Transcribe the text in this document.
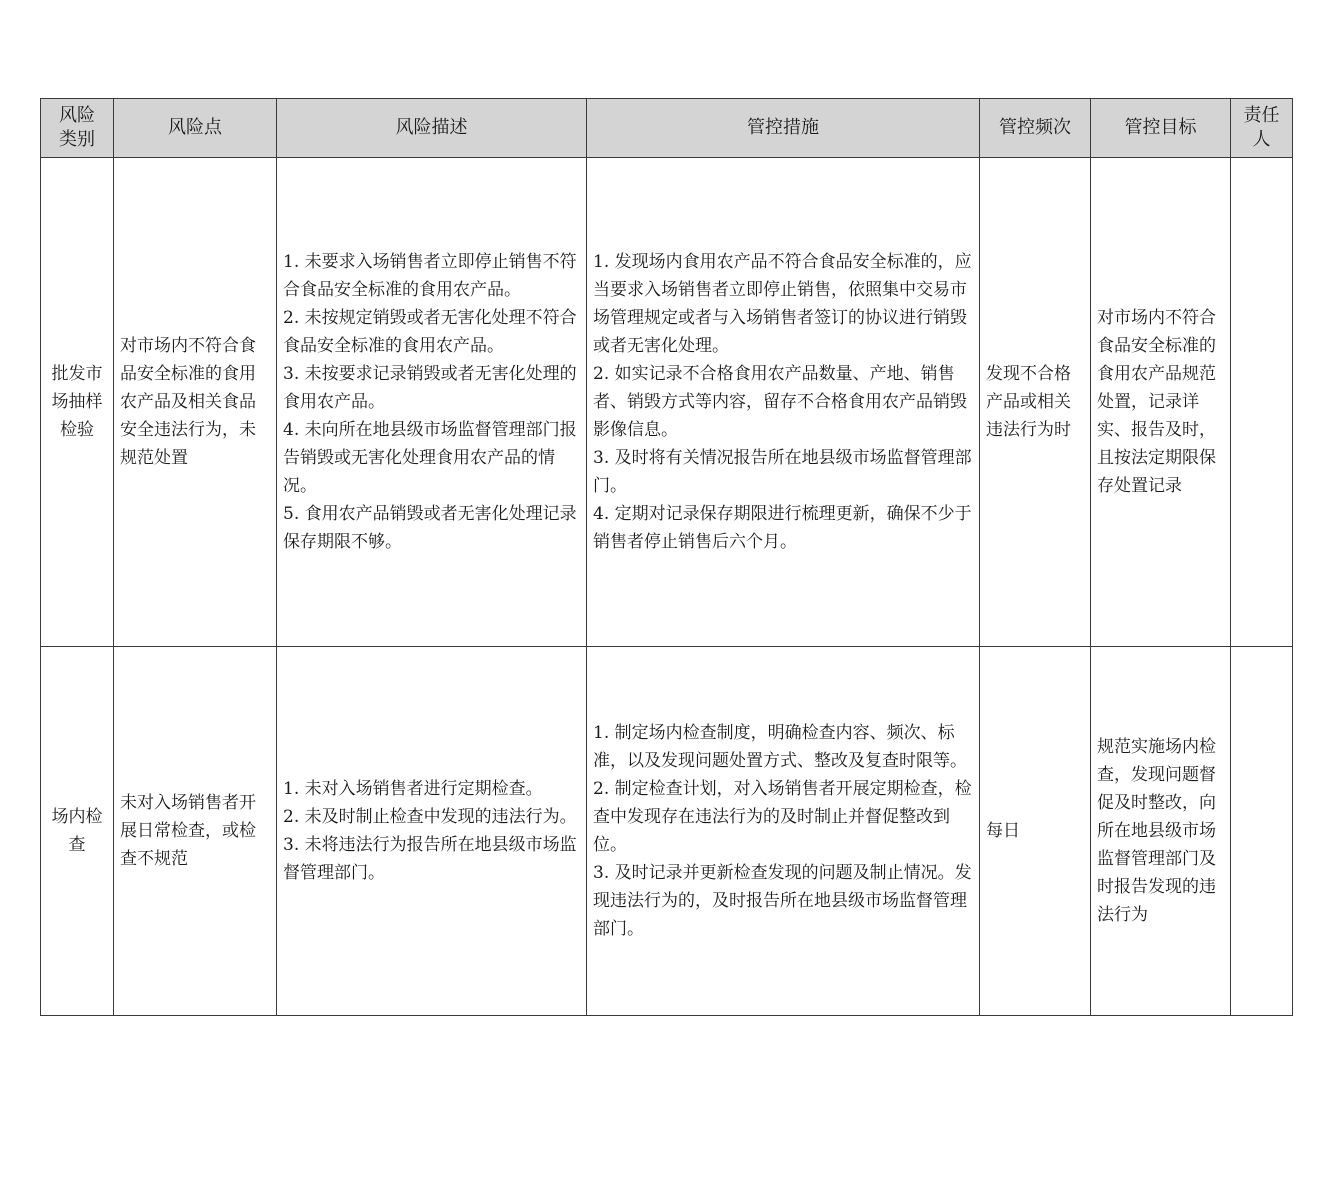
风险
类别	风险点	风险描述	管控措施	管控频次	管控目标	责任
人
批发市
场抽样
检验	对市场内不符合食品安全标准的食用农产品及相关食品安全违法行为，未规范处置	1. 未要求入场销售者立即停止销售不符合食品安全标准的食用农产品。
2. 未按规定销毁或者无害化处理不符合食品安全标准的食用农产品。
3. 未按要求记录销毁或者无害化处理的食用农产品。
4. 未向所在地县级市场监督管理部门报告销毁或无害化处理食用农产品的情况。
5. 食用农产品销毁或者无害化处理记录保存期限不够。	1. 发现场内食用农产品不符合食品安全标准的，应当要求入场销售者立即停止销售，依照集中交易市场管理规定或者与入场销售者签订的协议进行销毁或者无害化处理。
2. 如实记录不合格食用农产品数量、产地、销售者、销毁方式等内容，留存不合格食用农产品销毁影像信息。
3. 及时将有关情况报告所在地县级市场监督管理部门。
4. 定期对记录保存期限进行梳理更新，确保不少于销售者停止销售后六个月。	发现不合格产品或相关违法行为时	对市场内不符合食品安全标准的食用农产品规范处置，记录详实、报告及时，且按法定期限保存处置记录	
场内检
查	未对入场销售者开展日常检查，或检查不规范	1. 未对入场销售者进行定期检查。
2. 未及时制止检查中发现的违法行为。
3. 未将违法行为报告所在地县级市场监督管理部门。	1. 制定场内检查制度，明确检查内容、频次、标准，以及发现问题处置方式、整改及复查时限等。
2. 制定检查计划，对入场销售者开展定期检查，检查中发现存在违法行为的及时制止并督促整改到位。
3. 及时记录并更新检查发现的问题及制止情况。发现违法行为的，及时报告所在地县级市场监督管理部门。	每日	规范实施场内检查，发现问题督促及时整改，向所在地县级市场监督管理部门及时报告发现的违法行为	
